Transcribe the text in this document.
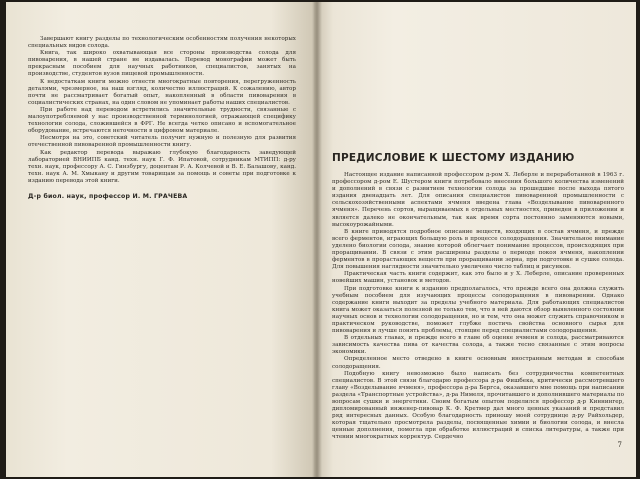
Завершают книгу разделы по технологическим особенностям получения некоторых специальных видов солода.

Книга, так широко охватывающая все стороны производства солода для пивоварения, в нашей стране не издавалась. Перевод монографии может быть прекрасным пособием для научных работников, специалистов, занятых на производстве, студентов вузов пищевой промышленности.

К недостаткам книги можно отнести многократные повторения, перегруженность деталями, чрезмерное, на наш взгляд, количество иллюстраций. К сожалению, автор почти не рассматривает богатый опыт, накопленный в области пивоварения в социалистических странах, на один словом не упоминает работы наших специалистов.

При работе над переводом встретились значительные трудности, связанные с малоупотребляемой у нас производственной терминологией, отражающей специфику технологии солода, сложившейся в ФРГ. Не всегда четко описано и вспомогательное оборудование, встречаются неточности в цифровом материале.

Несмотря на это, советский читатель получит нужную и полезную для развития отечественной пивоваренной промышленности книгу.

Как редактор перевода выражаю глубокую благодарность заведующей лабораторией ВНИИПБ канд. техн. наук Г. Ф. Ипатовой, сотрудникам МТИПП: д-ру техн. наук, профессору А. С. Гинзбургу, доцентам Р. А. Колчевой и В. Е. Балашову, канд. техн. наук А. М. Хмыкану и другим товарищам за помощь и советы при подготовке к изданию перевода этой книги.

Д-р биол. наук, профессор И. М. ГРАЧЕВА
ПРЕДИСЛОВИЕ К ШЕСТОМУ ИЗДАНИЮ

Настоящее издание написанной профессором д-ром Х. Леберле и переработанной в 1963 г. профессором д-ром Е. Шустером книги потребовало внесения большого количества изменений и дополнений в связи с развитием технологии солода за прошедшие после выхода пятого издания двенадцать лет. Для описания специалистов пивоваренной промышленности с сельскохозяйственными аспектами ячменя введена глава «Возделывание пивоваренного ячменя». Перечень сортов, выращиваемых в отдельных местностях, приведен в приложении и является далеко не окончательным, так как время сорта постоянно заменяются новыми, высокоурожайными.

В книге приводятся подробное описание веществ, входящих в состав ячменя, и прежде всего ферментов, играющих большую роль в процессе солодоращения. Значительное внимание уделено биологии солода, знание которой облегчает понимание процессов, происходящих при проращивании. В связи с этим расширены разделы о периоде покоя ячменя, накоплении ферментов в прорастающих веществ при проращивании зерна, при подготовке и сушке солода. Для повышения наглядности значительно увеличено число таблиц и рисунков.

Практическая часть книги содержит, как это было и у Х. Леберле, описание проверенных новейших машин, установок и методов.

При подготовке книги к изданию предполагалось, что прежде всего она должна служить учебным пособием для изучающих процессы солодоращения в пивоварении. Однако содержание книги выходит за пределы учебного материала. Для работающих специалистов книга может оказаться полезной не только тем, что в ней даются обзор выявленного состоянии научных основ и технологии солодоращения, но и тем, что она может служить справочником в практическом руководстве, поможет глубже постичь свойства основного сырья для пивоварения и лучше понять проблемы, стоящие перед специалистами солодоращения.

В отдельных главах, и прежде всего в главе об оценке ячменя и солода, рассматриваются зависимость качества пива от качества солода, а также тесно связанные с этим вопросы экономики.

Определенное место отведено в книге основным иностранным методам и способам солодоращения.

Подобную книгу невозможно было написать без сотрудничества компетентных специалистов. В этой связи благодарю профессора д-ра Фишбека, критически рассмотревшего главу «Возделывание ячменя», профессора д-ра Бергса, оказавшего мне помощь при написании раздела «Транспортные устройства», д-ра Нимеля, прочитавшего и дополнившего материалы по вопросам сушки и энергетики. Своим богатым опытом поделился профессор д-р Киннингер, дипломированный инженер-пивовар К. Ф. Кретмер дал много ценных указаний и представил ряд интересных данных. Особую благодарность приношу моей сотруднице д-ру Райхольдер, которая тщательно просмотрела разделы, посвященные химии и биологии солода, и внесла ценные дополнения, помогла при обработке иллюстраций и списка литературы, а также при чтении многократных корректур. Сердечно

7
